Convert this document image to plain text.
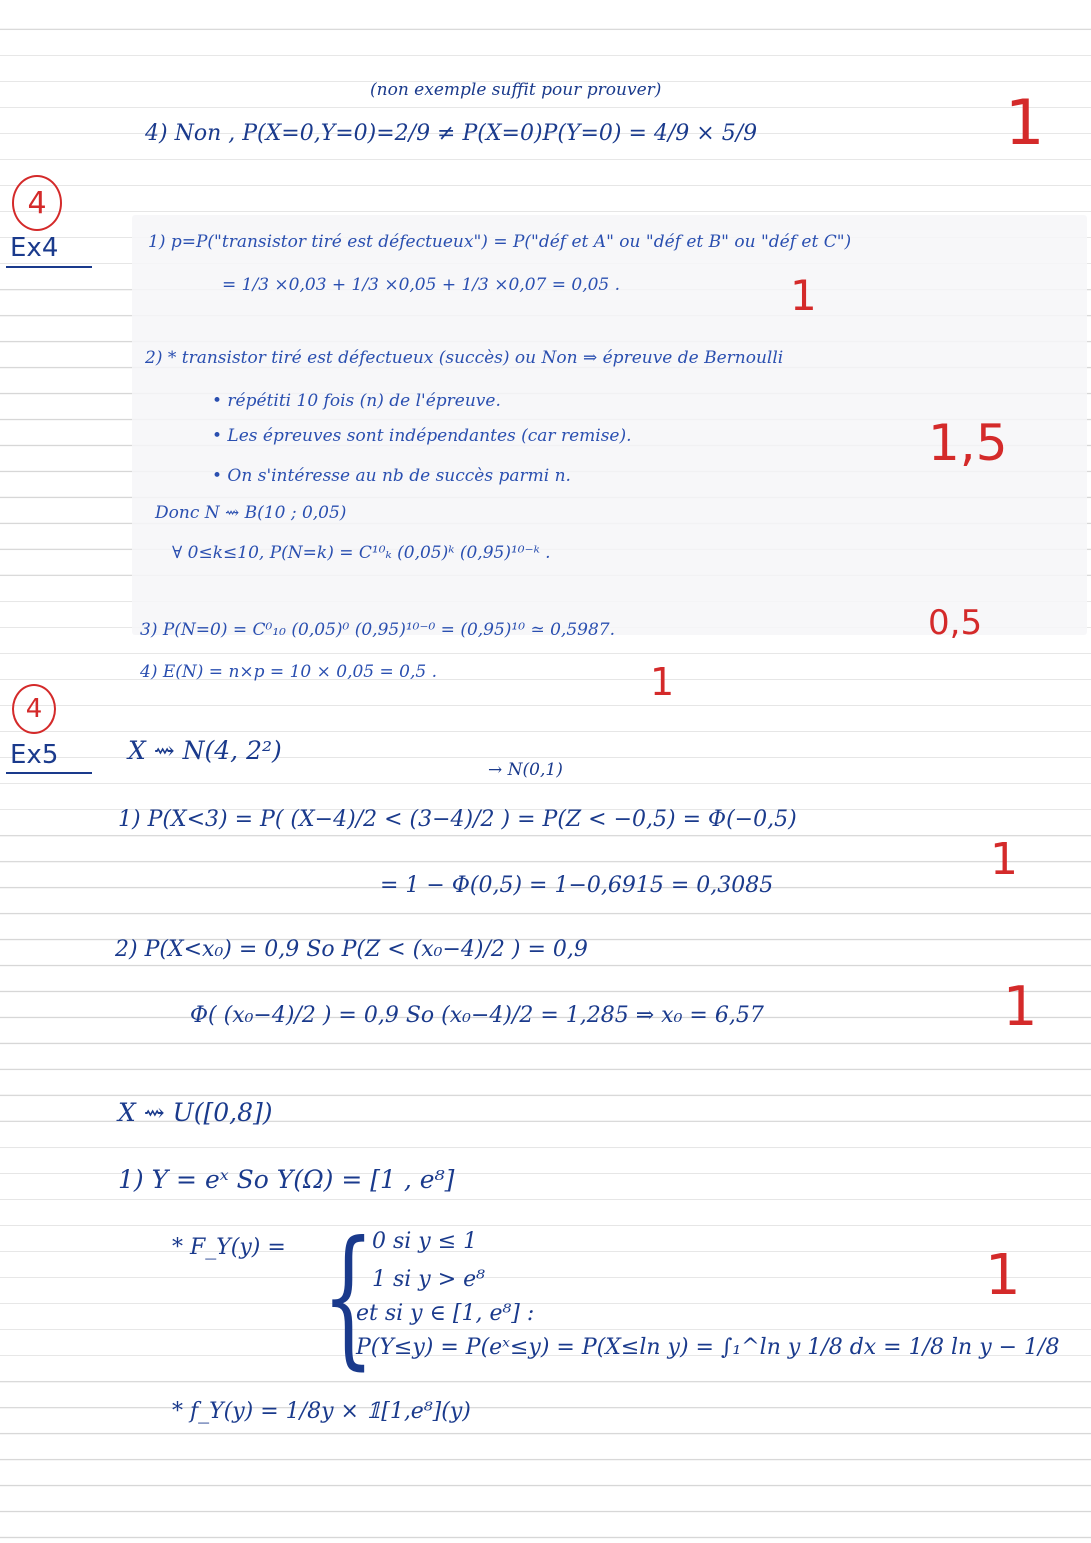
(non exemple suffit pour prouver)
4) Non , P(X=0,Y=0)=2/9 ≠ P(X=0)P(Y=0) = 4/9 × 5/9	1
4
Ex4	1) p=P("transistor tiré est défectueux") = P("déf et A" ou "déf et B" ou "déf et C")
= 1/3 ×0,03 + 1/3 ×0,05 + 1/3 ×0,07 = 0,05 .	1
2) * transistor tiré est défectueux (succès) ou Non ⇒ épreuve de Bernoulli
• répétiti 10 fois (n) de l'épreuve.
• Les épreuves sont indépendantes (car remise).
• On s'intéresse au nb de succès parmi n.
Donc N ⇝ B(10 ; 0,05)
∀ 0≤k≤10, P(N=k) = C¹⁰ₖ (0,05)ᵏ (0,95)¹⁰⁻ᵏ .
1,5
3) P(N=0) = C⁰₁₀ (0,05)⁰ (0,95)¹⁰⁻⁰ = (0,95)¹⁰ ≃ 0,5987.	0,5
4) E(N) = n×p = 10 × 0,05 = 0,5 .	1
4
Ex5	X ⇝ N(4, 2²)
→ N(0,1)
1) P(X<3) = P( (X−4)/2 < (3−4)/2 ) = P(Z < −0,5) = Φ(−0,5)
= 1 − Φ(0,5) = 1−0,6915 = 0,3085
1
2) P(X<x₀) = 0,9 So P(Z < (x₀−4)/2 ) = 0,9
Φ( (x₀−4)/2 ) = 0,9 So (x₀−4)/2 = 1,285 ⇒ x₀ = 6,57	1
X ⇝ U([0,8])
1) Y = eˣ So Y(Ω) = [1 , e⁸]
* F_Y(y) = {
0 si y ≤ 1
1 si y > e⁸
et si y ∈ [1, e⁸] :
P(Y≤y) = P(eˣ≤y) = P(X≤ln y) = ∫₁^ln y 1/8 dx = 1/8 ln y − 1/8
1
* f_Y(y) = 1/8y × 𝟙[1,e⁸](y)
